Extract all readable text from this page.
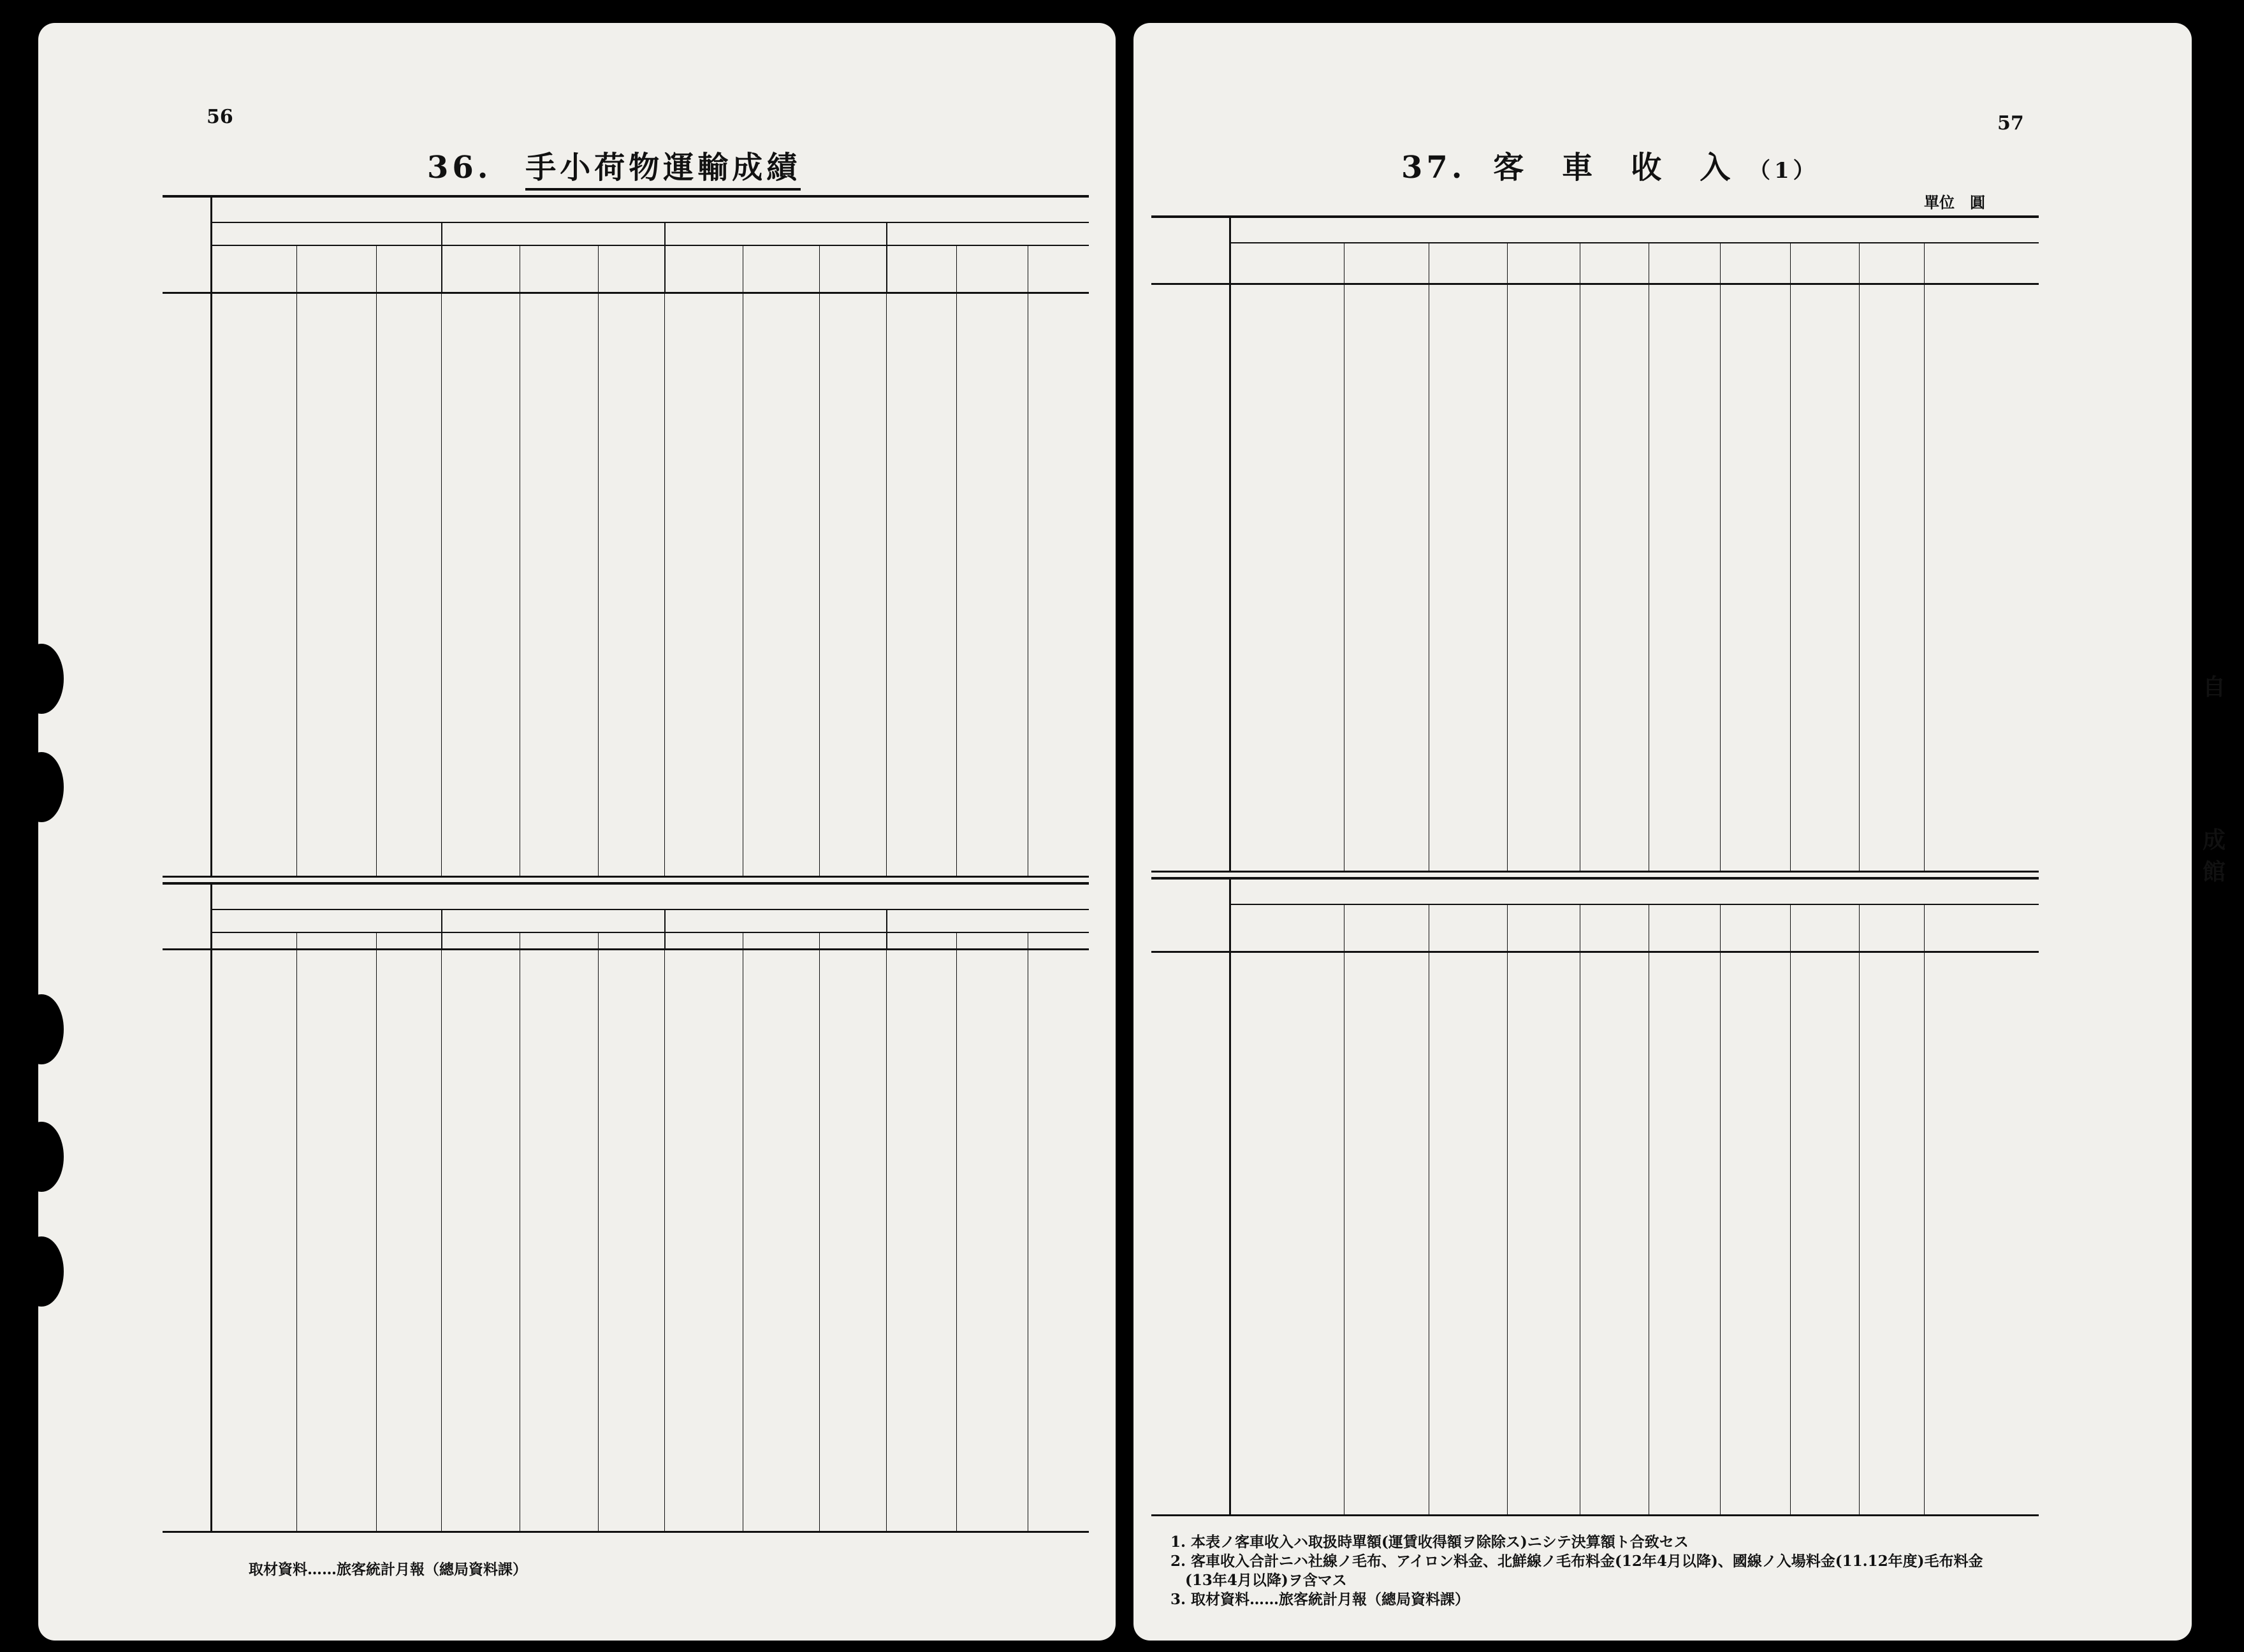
56
36. 手小荷物運輸成績
取材資料……旅客統計月報（總局資料課）
57
37. 客　車　收　入 （1）
單位　圓
1. 本表ノ客車收入ハ取扱時單額(運賃收得額ヲ除除ス)ニシテ決算額ト合致セス
2. 客車收入合計ニハ社線ノ毛布、アイロン料金、北鮮線ノ毛布料金(12年4月以降)、國線ノ入場料金(11.12年度)毛布料金
　(13年4月以降)ヲ含マス
3. 取材資料……旅客統計月報（總局資料課）
自
成
館
